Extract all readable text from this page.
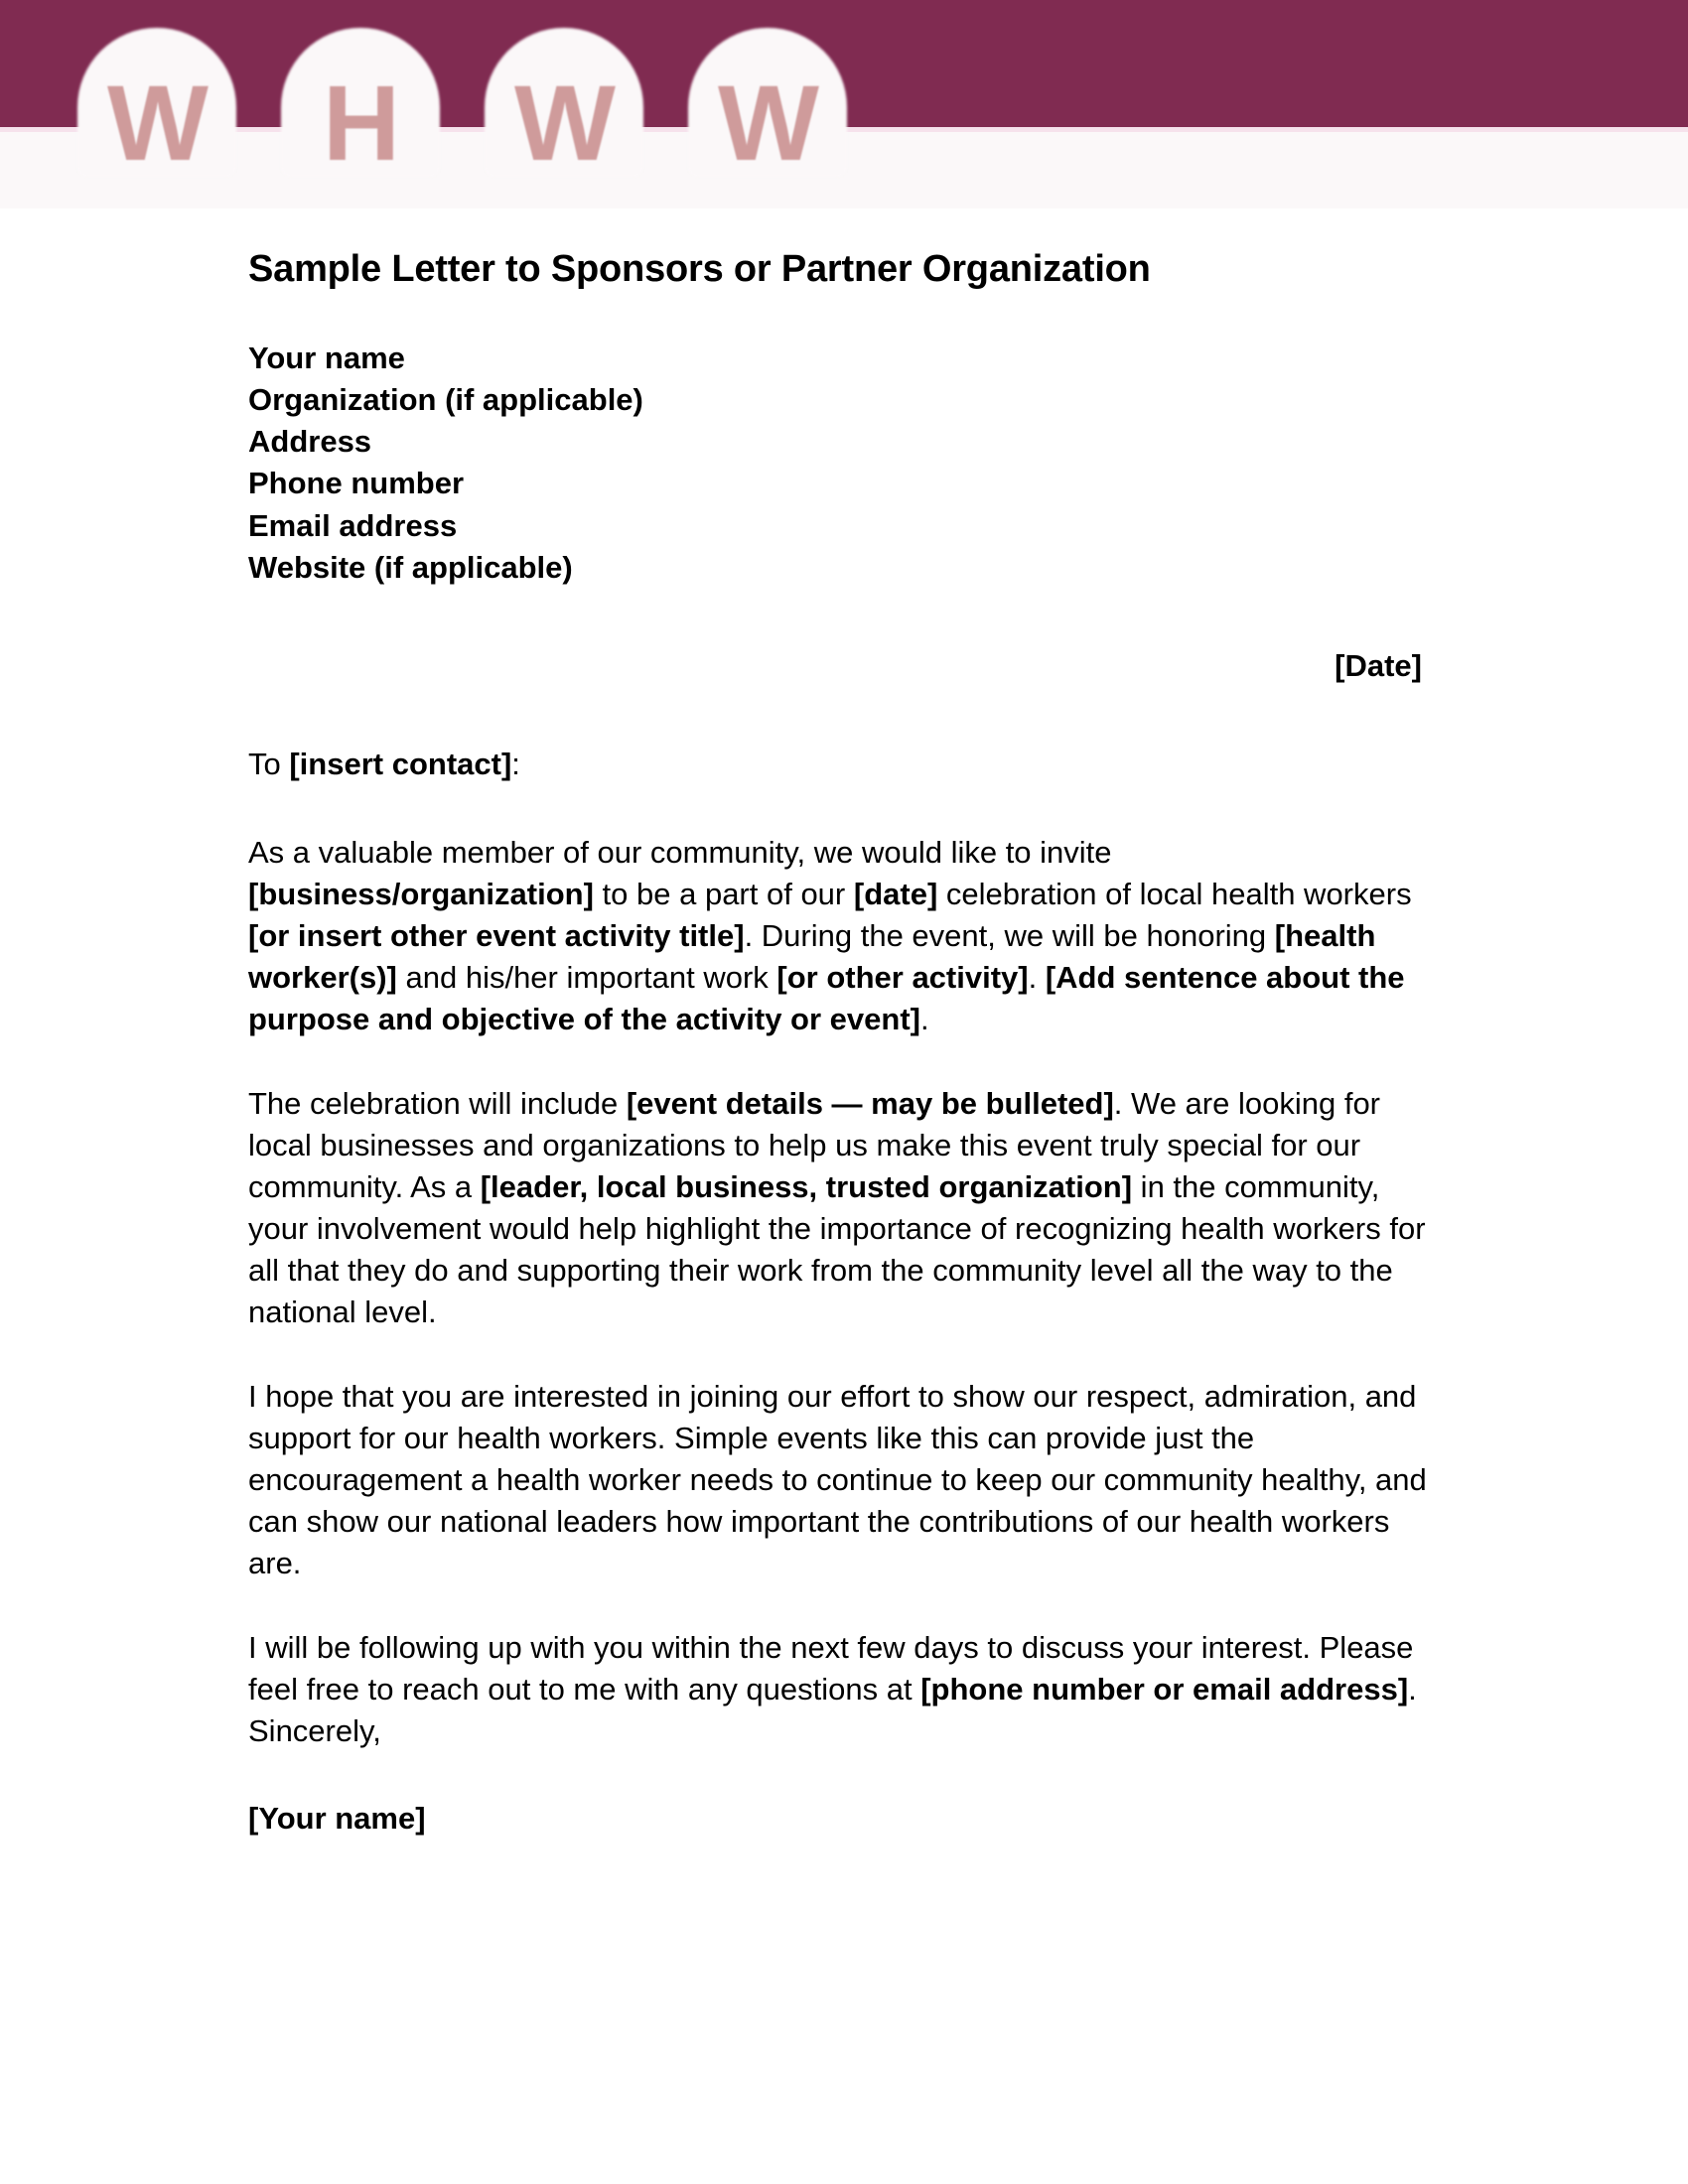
W	H	W W
Sample Letter to Sponsors or Partner Organization
Your name
Organization (if applicable)
Address
Phone number
Email address
Website (if applicable)
[Date]
To [insert contact]:

As a valuable member of our community, we would like to invite [business/organization] to be a part of our [date] celebration of local health workers [or insert other event activity title]. During the event, we will be honoring [health worker(s)] and his/her important work [or other activity]. [Add sentence about the purpose and objective of the activity or event].

The celebration will include [event details — may be bulleted]. We are looking for local businesses and organizations to help us make this event truly special for our community. As a [leader, local business, trusted organization] in the community, your involvement would help highlight the importance of recognizing health workers for all that they do and supporting their work from the community level all the way to the national level.

I hope that you are interested in joining our effort to show our respect, admiration, and support for our health workers. Simple events like this can provide just the encouragement a health worker needs to continue to keep our community healthy, and can show our national leaders how important the contributions of our health workers are.

I will be following up with you within the next few days to discuss your interest. Please feel free to reach out to me with any questions at [phone number or email address].

Sincerely,
[Your name]
